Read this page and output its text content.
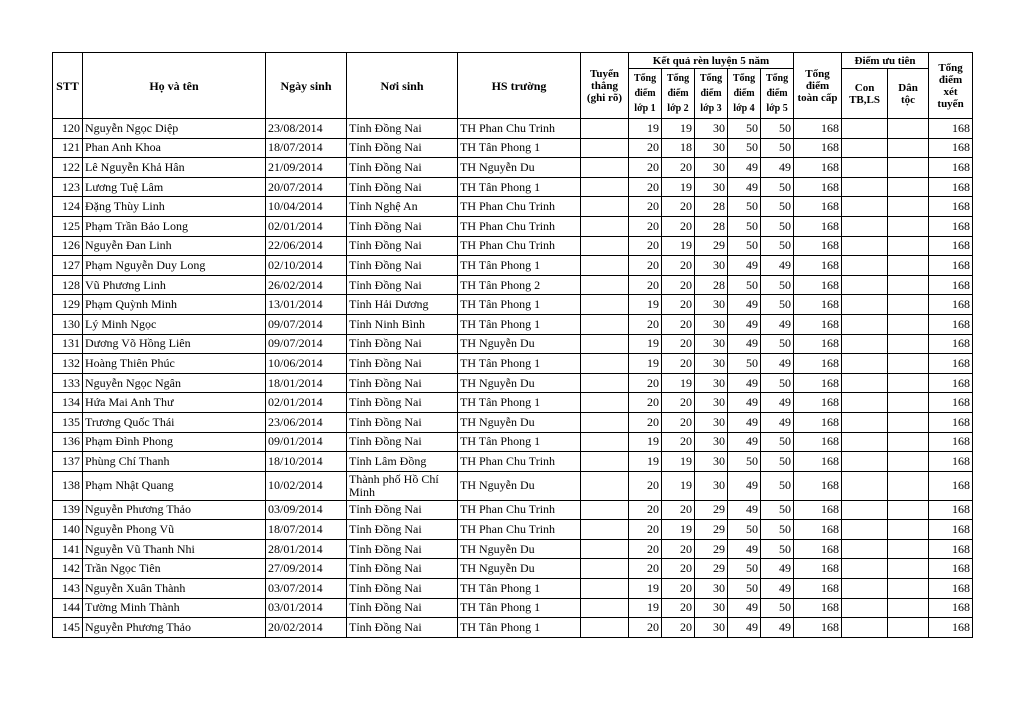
STT	Họ và tên	Ngày sinh	Nơi sinh	HS trường	Tuyển thẳng (ghi rõ)	Kết quả rèn luyện 5 năm					Tổng điểm toàn cấp	Điểm ưu tiên		Tổng điểm xét tuyển
						Tổng điểm lớp 1	Tổng điểm lớp 2	Tổng điểm lớp 3	Tổng điểm lớp 4	Tổng điểm lớp 5		Con TB,LS	Dân tộc	
120	Nguyễn Ngọc Diệp	23/08/2014	Tỉnh Đồng Nai	TH Phan Chu Trinh		19	19	30	50	50	168			168
121	Phan Anh Khoa	18/07/2014	Tỉnh Đồng Nai	TH Tân Phong 1		20	18	30	50	50	168			168
122	Lê Nguyễn Khả Hân	21/09/2014	Tỉnh Đồng Nai	TH Nguyễn Du		20	20	30	49	49	168			168
123	Lương Tuệ Lâm	20/07/2014	Tỉnh Đồng Nai	TH Tân Phong 1		20	19	30	49	50	168			168
124	Đặng Thùy Linh	10/04/2014	Tỉnh Nghệ An	TH Phan Chu Trinh		20	20	28	50	50	168			168
125	Phạm Trần Bảo Long	02/01/2014	Tỉnh Đồng Nai	TH Phan Chu Trinh		20	20	28	50	50	168			168
126	Nguyễn Đan Linh	22/06/2014	Tỉnh Đồng Nai	TH Phan Chu Trinh		20	19	29	50	50	168			168
127	Phạm Nguyễn Duy Long	02/10/2014	Tỉnh Đồng Nai	TH Tân Phong 1		20	20	30	49	49	168			168
128	Vũ Phương Linh	26/02/2014	Tỉnh Đồng Nai	TH Tân Phong 2		20	20	28	50	50	168			168
129	Phạm Quỳnh Minh	13/01/2014	Tỉnh Hải Dương	TH Tân Phong 1		19	20	30	49	50	168			168
130	Lý Minh Ngọc	09/07/2014	Tỉnh Ninh Bình	TH Tân Phong 1		20	20	30	49	49	168			168
131	Dương Võ Hồng Liên	09/07/2014	Tỉnh Đồng Nai	TH Nguyễn Du		19	20	30	49	50	168			168
132	Hoàng Thiên Phúc	10/06/2014	Tỉnh Đồng Nai	TH Tân Phong 1		19	20	30	50	49	168			168
133	Nguyễn Ngọc Ngân	18/01/2014	Tỉnh Đồng Nai	TH Nguyễn Du		20	19	30	49	50	168			168
134	Hứa Mai Anh Thư	02/01/2014	Tỉnh Đồng Nai	TH Tân Phong 1		20	20	30	49	49	168			168
135	Trương Quốc Thái	23/06/2014	Tỉnh Đồng Nai	TH Nguyễn Du		20	20	30	49	49	168			168
136	Phạm Đình Phong	09/01/2014	Tỉnh Đồng Nai	TH Tân Phong 1		19	20	30	49	50	168			168
137	Phùng Chí Thanh	18/10/2014	Tỉnh Lâm Đồng	TH Phan Chu Trinh		19	19	30	50	50	168			168
138	Phạm Nhật Quang	10/02/2014	Thành phố Hồ Chí Minh	TH Nguyễn Du		20	19	30	49	50	168			168
139	Nguyễn Phương Thảo	03/09/2014	Tỉnh Đồng Nai	TH Phan Chu Trinh		20	20	29	49	50	168			168
140	Nguyễn Phong Vũ	18/07/2014	Tỉnh Đồng Nai	TH Phan Chu Trinh		20	19	29	50	50	168			168
141	Nguyễn Vũ Thanh Nhi	28/01/2014	Tỉnh Đồng Nai	TH Nguyễn Du		20	20	29	49	50	168			168
142	Trần Ngọc Tiên	27/09/2014	Tỉnh Đồng Nai	TH Nguyễn Du		20	20	29	50	49	168			168
143	Nguyễn Xuân Thành	03/07/2014	Tỉnh Đồng Nai	TH Tân Phong 1		19	20	30	50	49	168			168
144	Tường Minh Thành	03/01/2014	Tỉnh Đồng Nai	TH Tân Phong 1		19	20	30	49	50	168			168
145	Nguyễn Phương Thảo	20/02/2014	Tỉnh Đồng Nai	TH Tân Phong 1		20	20	30	49	49	168			168
